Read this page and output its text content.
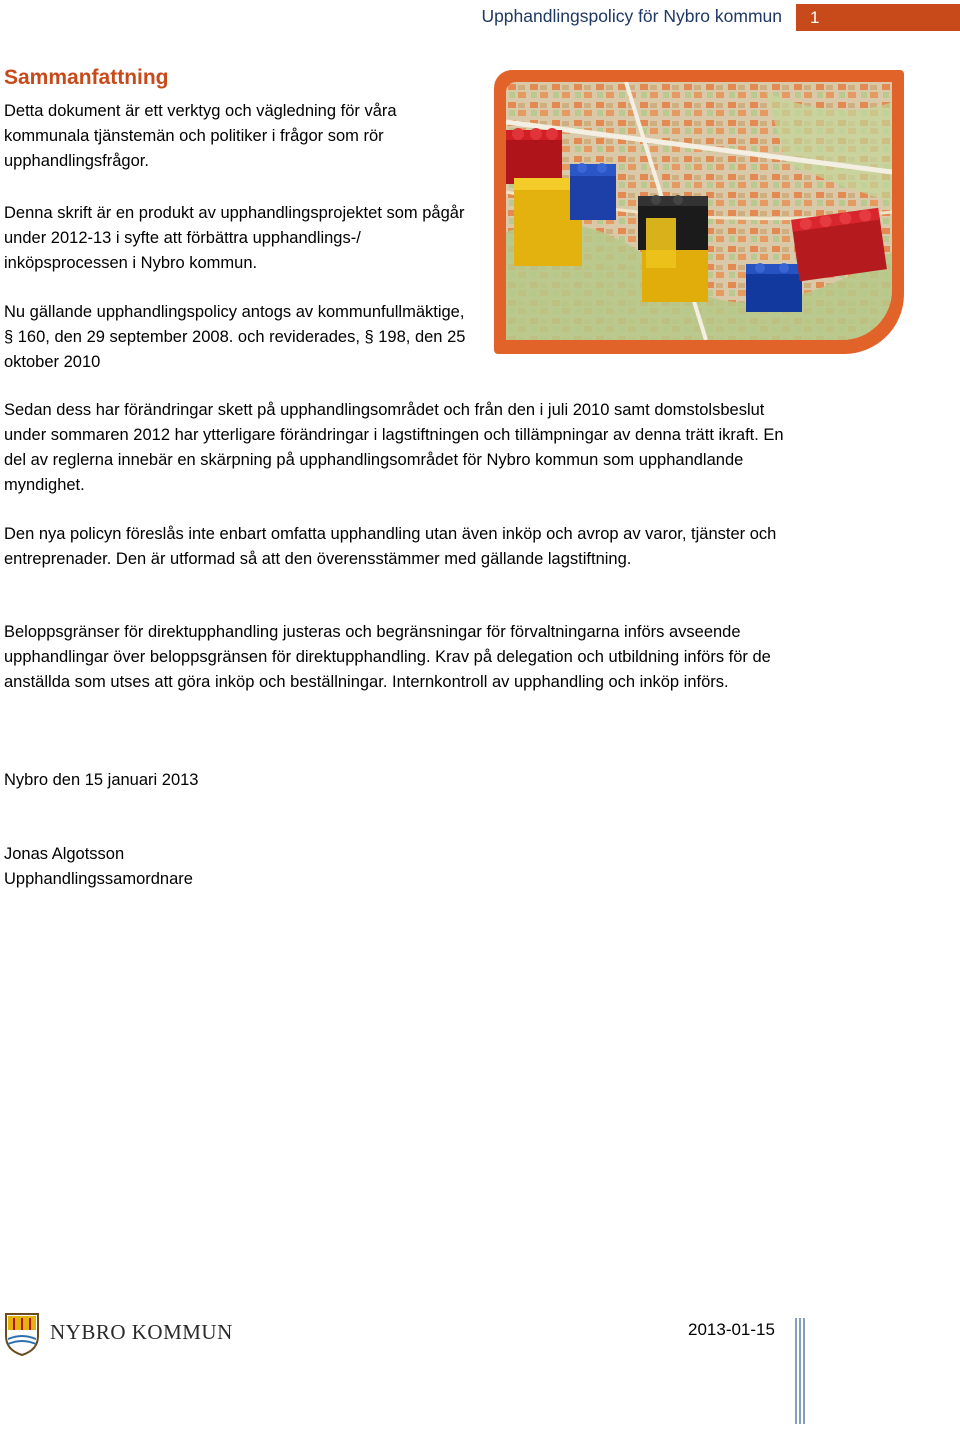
Upphandlingspolicy för Nybro kommun	1
Sammanfattning

Detta dokument är ett verktyg och vägledning för våra kommunala tjänstemän och politiker i frågor som rör upphandlingsfrågor.

Denna skrift är en produkt av upphandlingsprojektet som pågår under 2012-13 i syfte att förbättra upphandlings-/ inköpsprocessen i Nybro kommun.

Nu gällande upphandlingspolicy antogs av kommunfullmäktige, § 160, den 29 september 2008. och reviderades, § 198, den 25 oktober 2010

Sedan dess har förändringar skett på upphandlingsområdet och från den i juli 2010 samt domstolsbeslut under sommaren 2012 har ytterligare förändringar i lagstiftningen och tillämpningar av denna trätt ikraft. En del av reglerna innebär en skärpning på upphandlingsområdet för Nybro kommun som upphandlande myndighet.

Den nya policyn föreslås inte enbart omfatta upphandling utan även inköp och avrop av varor, tjänster och entreprenader. Den är utformad så att den överensstämmer med gällande lagstiftning.

Beloppsgränser för direktupphandling justeras och begränsningar för förvaltningarna införs avseende upphandlingar över beloppsgränsen för direktupphandling. Krav på delegation och utbildning införs för de anställda som utses att göra inköp och beställningar. Internkontroll av upphandling och inköp införs.

Nybro den 15 januari 2013

Jonas Algotsson
Upphandlingssamordnare

NYBRO KOMMUN	2013-01-15
